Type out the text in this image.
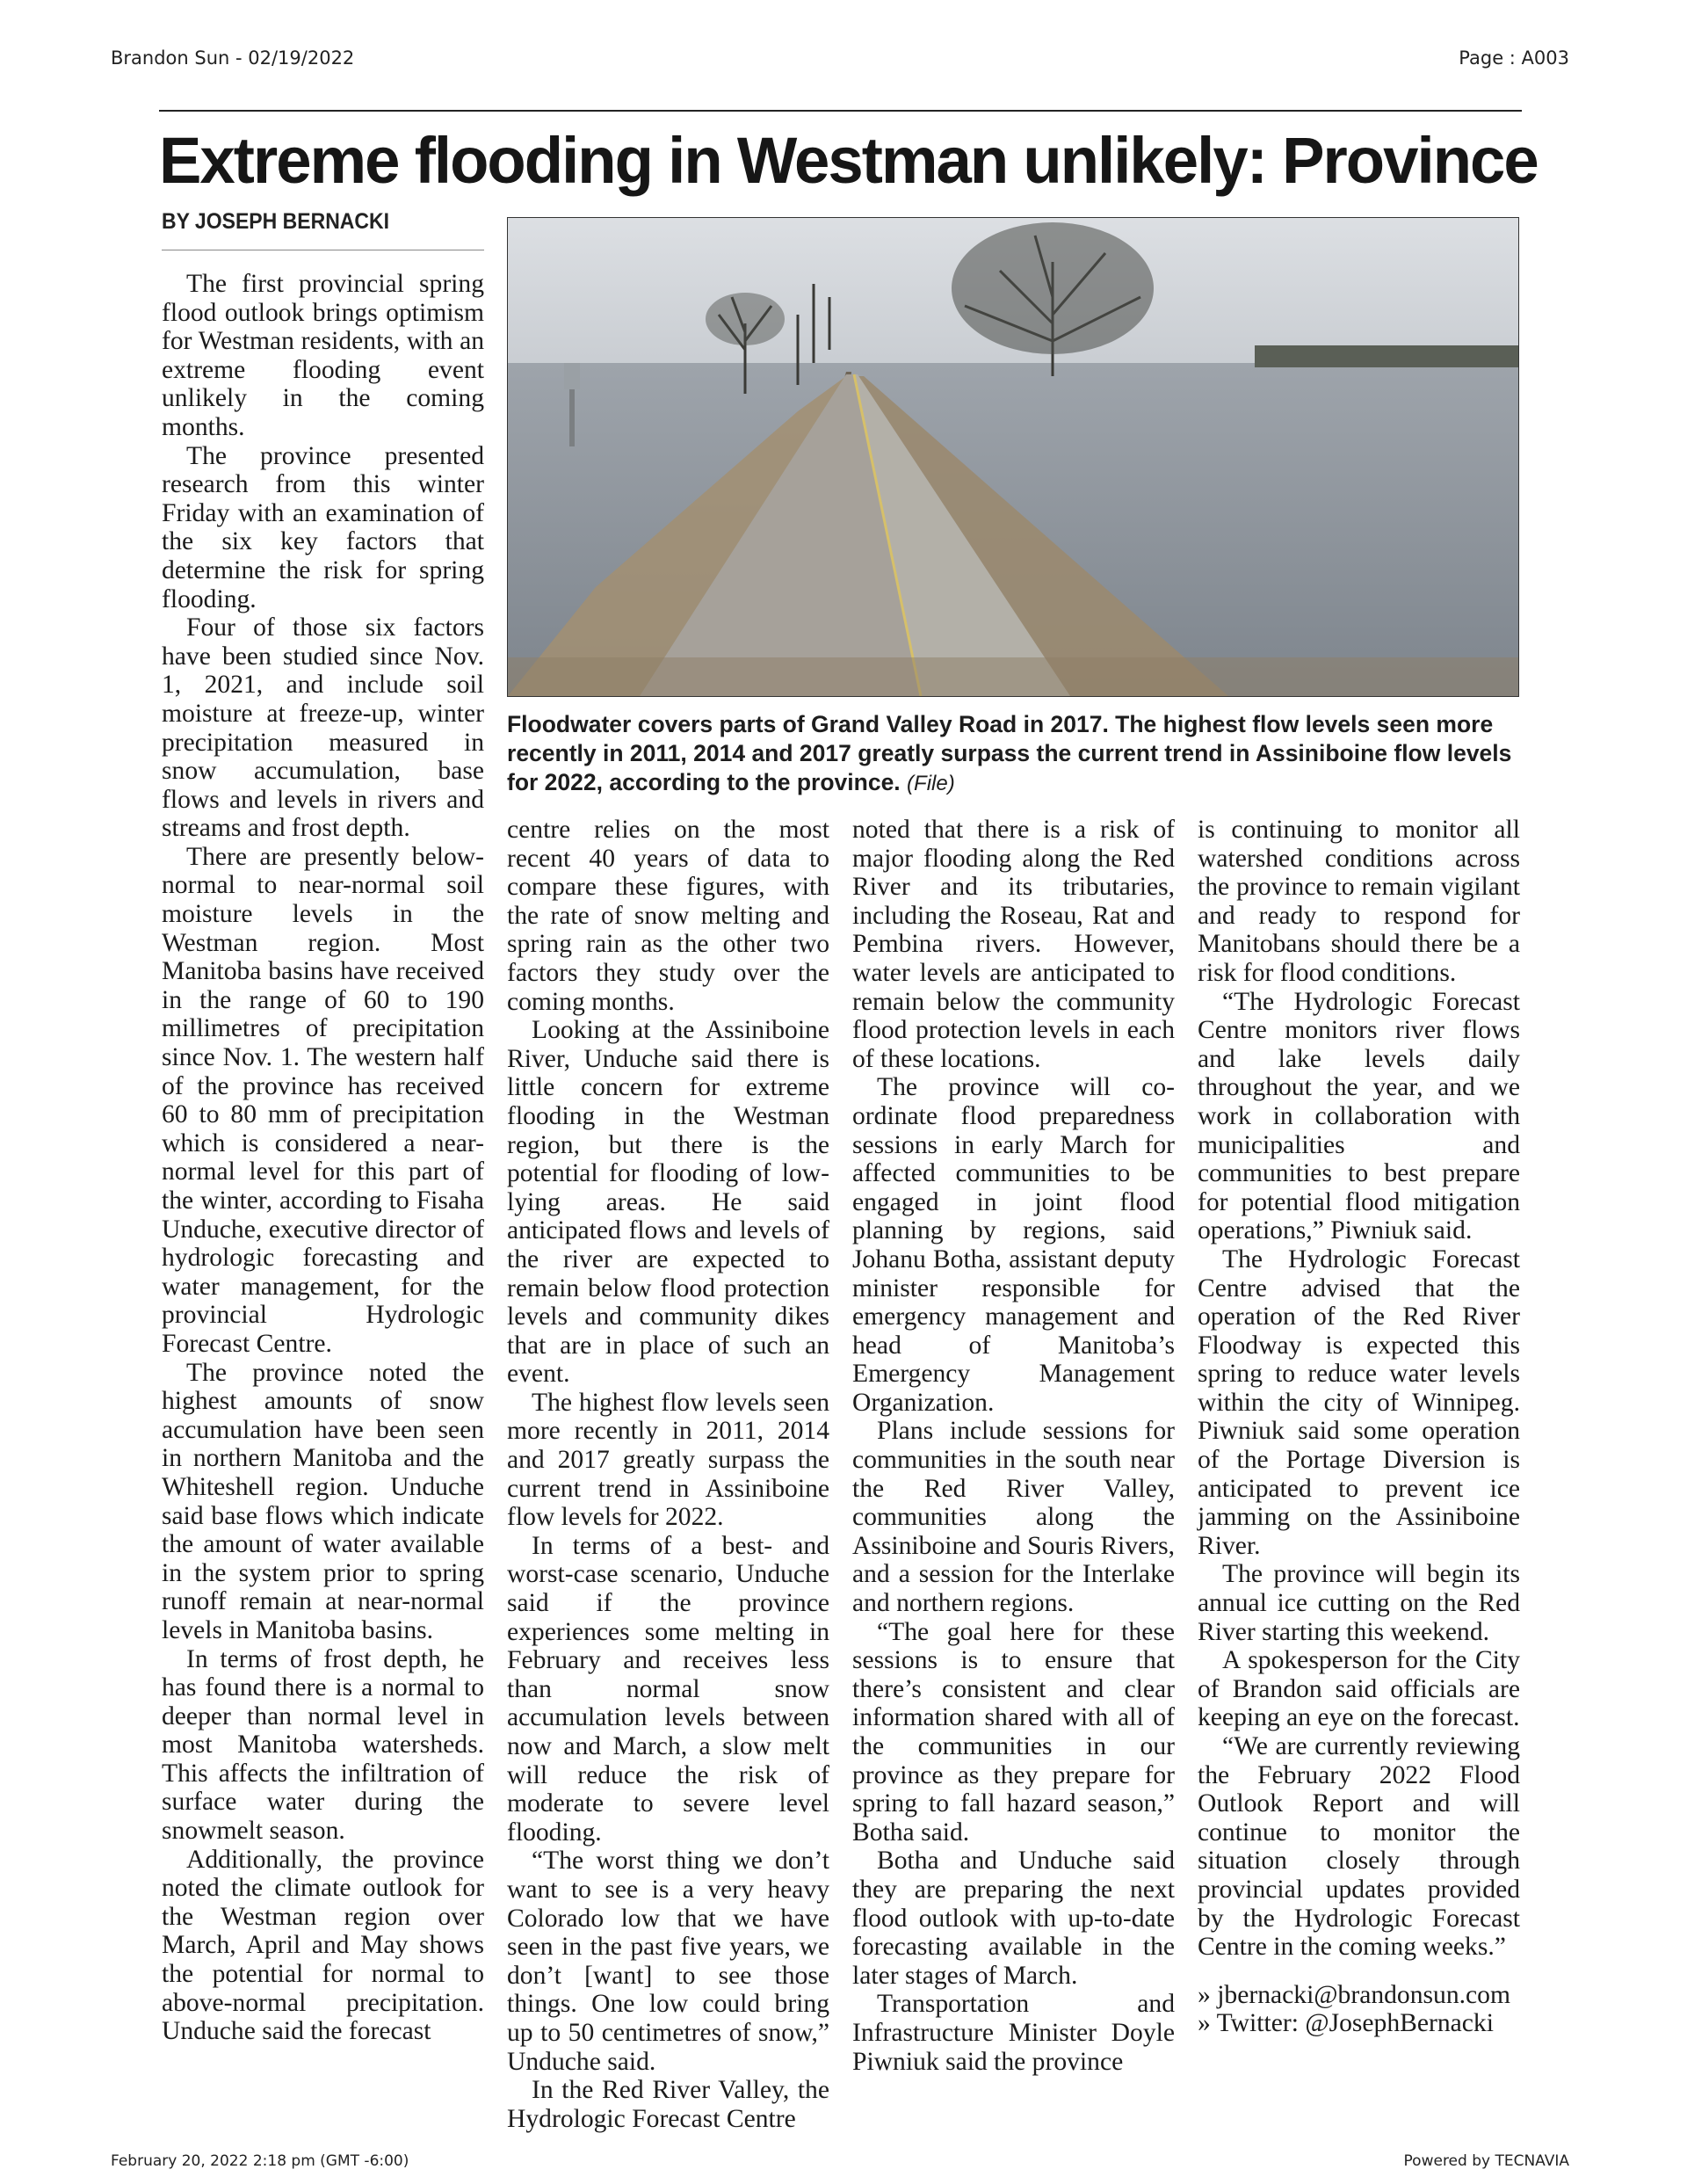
Brandon Sun - 02/19/2022	Page : A003
Extreme flooding in Westman unlikely: Province
BY JOSEPH BERNACKI
Floodwater covers parts of Grand Valley Road in 2017. The highest flow levels seen more recently in 2011, 2014 and 2017 greatly surpass the current trend in Assiniboine flow levels for 2022, according to the province. (File)

The first provincial spring flood outlook brings optimism for Westman residents, with an extreme flooding event unlikely in the coming months.

The province presented research from this winter Friday with an examination of the six key factors that determine the risk for spring flooding.

Four of those six factors have been studied since Nov. 1, 2021, and include soil moisture at freeze-up, winter precipitation measured in snow accumulation, base flows and levels in rivers and streams and frost depth.

There are presently below-normal to near-normal soil moisture levels in the Westman region. Most Manitoba basins have received in the range of 60 to 190 millimetres of precipitation since Nov. 1. The western half of the province has received 60 to 80 mm of precipitation which is considered a near-normal level for this part of the winter, according to Fisaha Unduche, executive director of hydrologic forecasting and water management, for the provincial Hydrologic Forecast Centre.

The province noted the highest amounts of snow accumulation have been seen in northern Manitoba and the Whiteshell region. Unduche said base flows which indicate the amount of water available in the system prior to spring runoff remain at near-normal levels in Manitoba basins.

In terms of frost depth, he has found there is a normal to deeper than normal level in most Manitoba watersheds. This affects the infiltration of surface water during the snowmelt season.

Additionally, the province noted the climate outlook for the Westman region over March, April and May shows the potential for normal to above-normal precipitation. Unduche said the forecast

centre relies on the most recent 40 years of data to compare these figures, with the rate of snow melting and spring rain as the other two factors they study over the coming months.

Looking at the Assiniboine River, Unduche said there is little concern for extreme flooding in the Westman region, but there is the potential for flooding of low-lying areas. He said anticipated flows and levels of the river are expected to remain below flood protection levels and community dikes that are in place of such an event.

The highest flow levels seen more recently in 2011, 2014 and 2017 greatly surpass the current trend in Assiniboine flow levels for 2022.

In terms of a best- and worst-case scenario, Unduche said if the province experiences some melting in February and receives less than normal snow accumulation levels between now and March, a slow melt will reduce the risk of moderate to severe level flooding.

“The worst thing we don’t want to see is a very heavy Colorado low that we have seen in the past five years, we don’t [want] to see those things. One low could bring up to 50 centimetres of snow,” Unduche said.

In the Red River Valley, the Hydrologic Forecast Centre

noted that there is a risk of major flooding along the Red River and its tributaries, including the Roseau, Rat and Pembina rivers. However, water levels are anticipated to remain below the community flood protection levels in each of these locations.

The province will co-ordinate flood preparedness sessions in early March for affected communities to be engaged in joint flood planning by regions, said Johanu Botha, assistant deputy minister responsible for emergency management and head of Manitoba’s Emergency Management Organization.

Plans include sessions for communities in the south near the Red River Valley, communities along the Assiniboine and Souris Rivers, and a session for the Interlake and northern regions.

“The goal here for these sessions is to ensure that there’s consistent and clear information shared with all of the communities in our province as they prepare for spring to fall hazard season,” Botha said.

Botha and Unduche said they are preparing the next flood outlook with up-to-date forecasting available in the later stages of March.

Transportation and Infrastructure Minister Doyle Piwniuk said the province

is continuing to monitor all watershed conditions across the province to remain vigilant and ready to respond for Manitobans should there be a risk for flood conditions.

“The Hydrologic Forecast Centre monitors river flows and lake levels daily throughout the year, and we work in collaboration with municipalities and communities to best prepare for potential flood mitigation operations,” Piwniuk said.

The Hydrologic Forecast Centre advised that the operation of the Red River Floodway is expected this spring to reduce water levels within the city of Winnipeg. Piwniuk said some operation of the Portage Diversion is anticipated to prevent ice jamming on the Assiniboine River.

The province will begin its annual ice cutting on the Red River starting this weekend.

A spokesperson for the City of Brandon said officials are keeping an eye on the forecast.

“We are currently reviewing the February 2022 Flood Outlook Report and will continue to monitor the situation closely through provincial updates provided by the Hydrologic Forecast Centre in the coming weeks.”

» jbernacki@brandonsun.com

» Twitter: @JosephBernacki

February 20, 2022 2:18 pm (GMT -6:00)	Powered by TECNAVIA
